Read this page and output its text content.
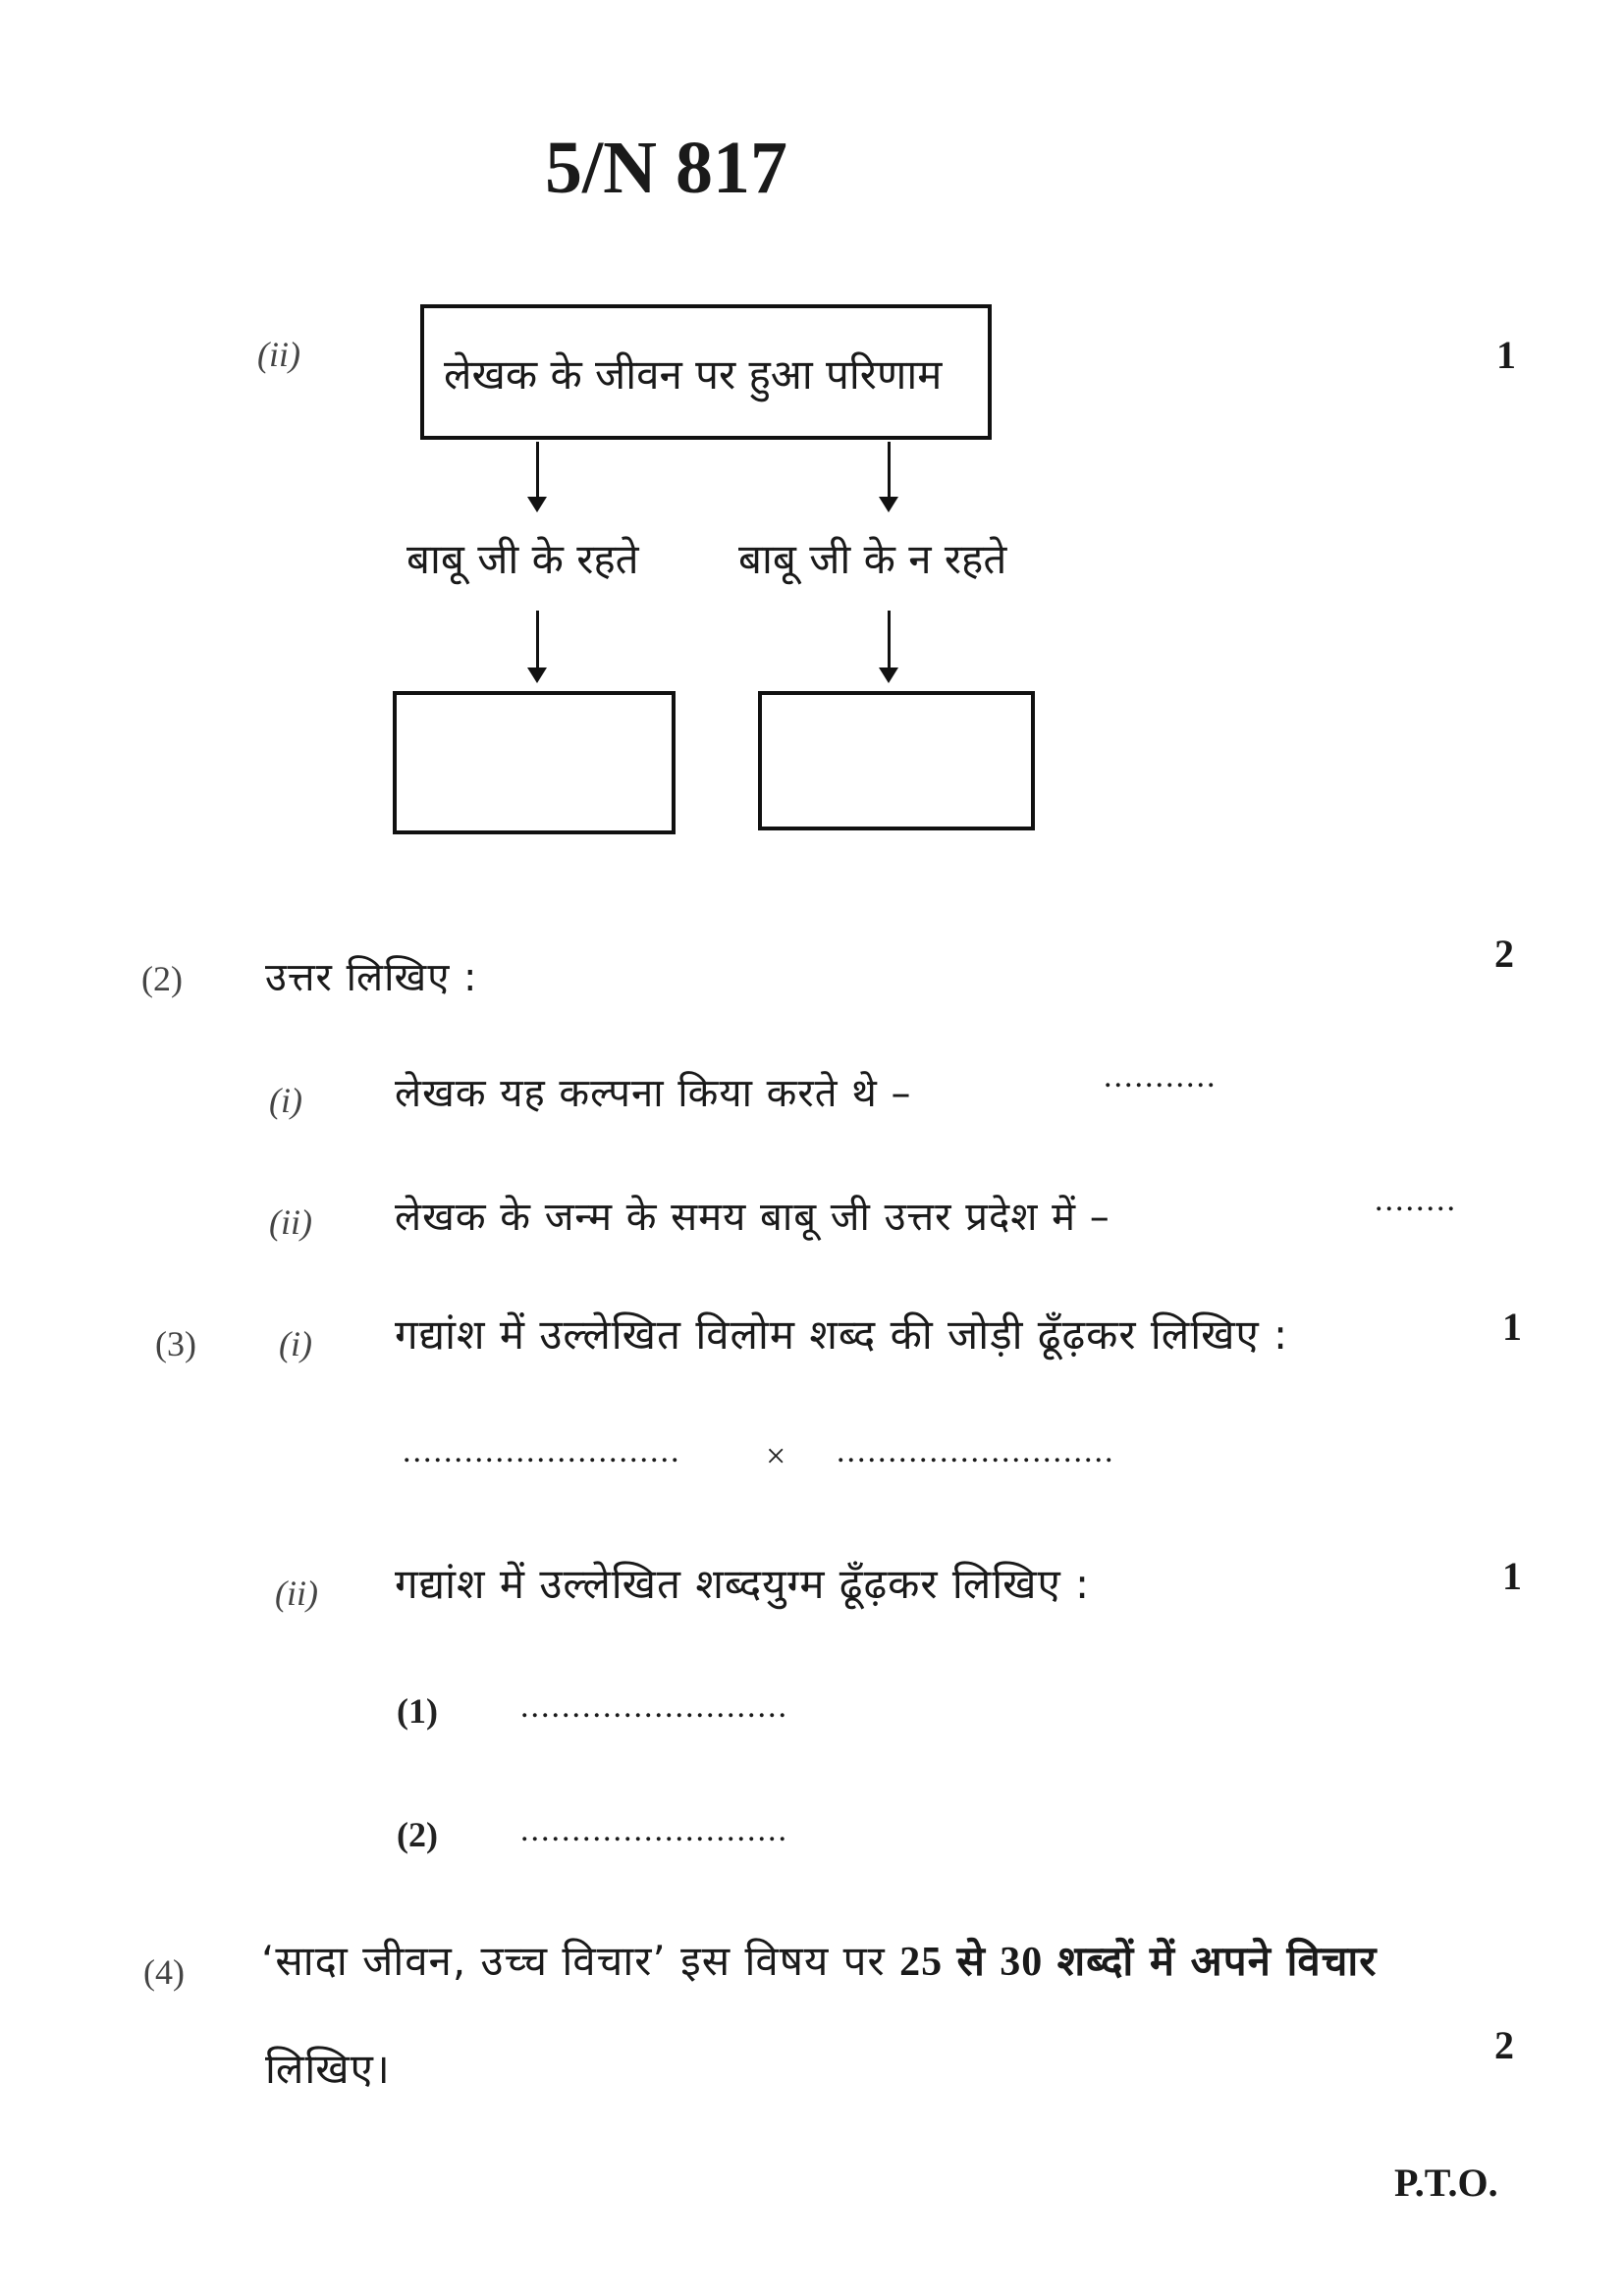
5/N 817
(ii)	1
लेखक के जीवन पर हुआ परिणाम
बाबू जी के रहते बाबू जी के न रहते
(2) उत्तर लिखिए :
2
(i) लेखक यह कल्पना किया करते थे –	...........
(ii) लेखक के जन्म के समय बाबू जी उत्तर प्रदेश में –	........
(3) (i) गद्यांश में उल्लेखित विलोम शब्द की जोड़ी ढूँढ़कर लिखिए :	1
........................... × ...........................
(ii) गद्यांश में उल्लेखित शब्दयुग्म ढूँढ़कर लिखिए :	1
(1) ..........................
(2) ..........................
(4) ‘सादा जीवन, उच्च विचार’ इस विषय पर 25 से 30 शब्दों में अपने विचार
लिखिए।	2
P.T.O.
